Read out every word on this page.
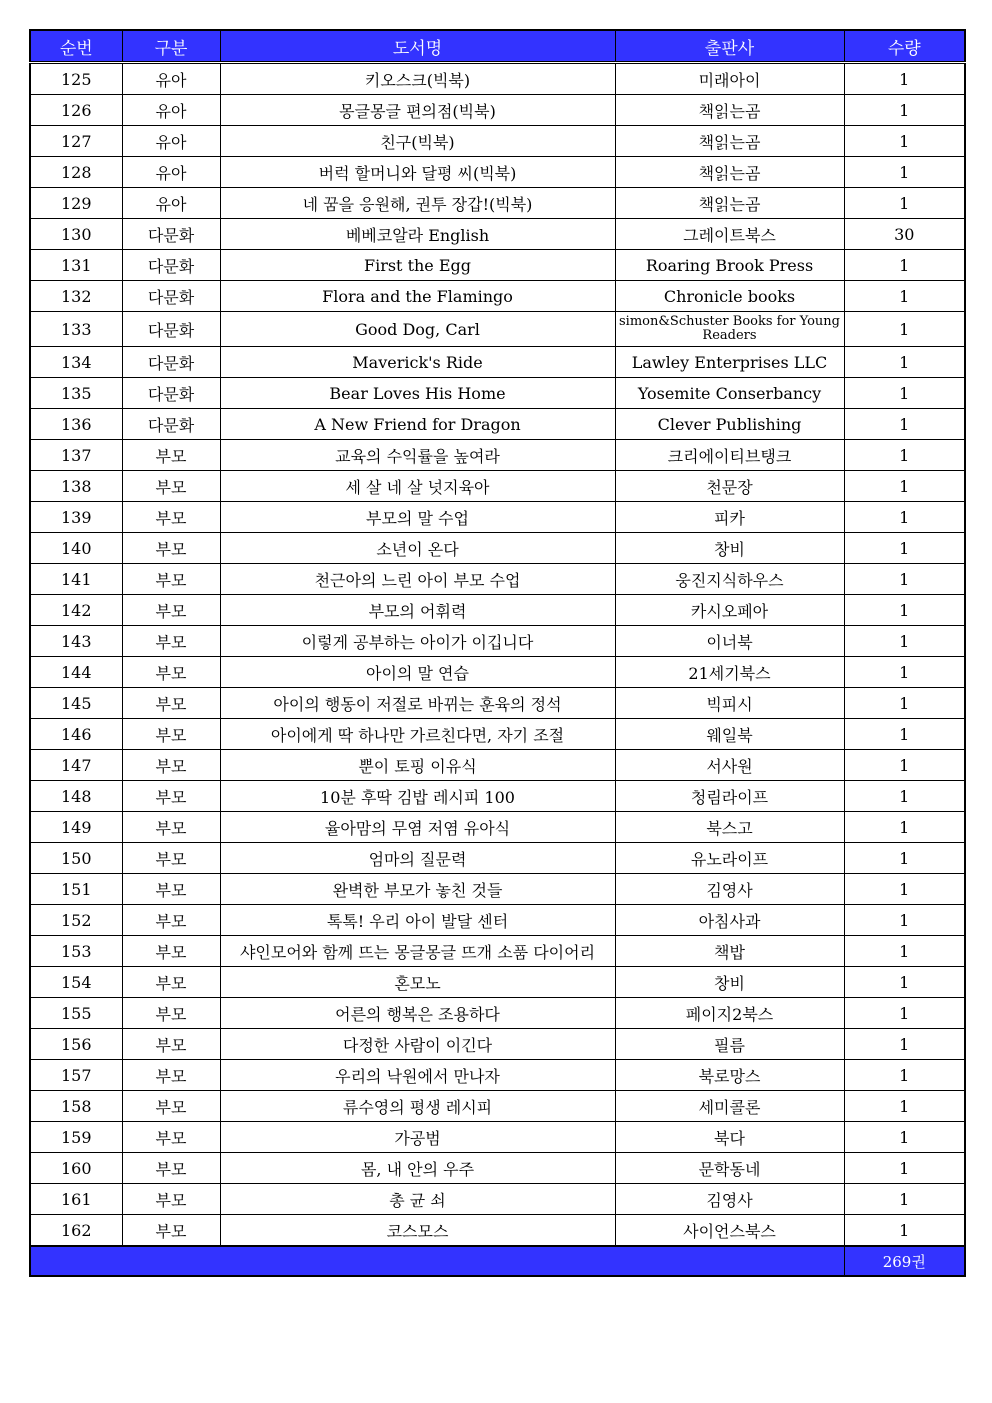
순번	구분	도서명	출판사	수량
125	유아	키오스크(빅북)	미래아이	1
126	유아	몽글몽글 편의점(빅북)	책읽는곰	1
127	유아	친구(빅북)	책읽는곰	1
128	유아	버럭 할머니와 달평 씨(빅북)	책읽는곰	1
129	유아	네 꿈을 응원해, 권투 장갑!(빅북)	책읽는곰	1
130	다문화	베베코알라 English	그레이트북스	30
131	다문화	First the Egg	Roaring Brook Press	1
132	다문화	Flora and the Flamingo	Chronicle books	1
133	다문화	Good Dog, Carl	simon&Schuster Books for Young Readers	1
134	다문화	Maverick's Ride	Lawley Enterprises LLC	1
135	다문화	Bear Loves His Home	Yosemite Conserbancy	1
136	다문화	A New Friend for Dragon	Clever Publishing	1
137	부모	교육의 수익률을 높여라	크리에이티브탱크	1
138	부모	세 살 네 살 넛지육아	천문장	1
139	부모	부모의 말 수업	피카	1
140	부모	소년이 온다	창비	1
141	부모	천근아의 느린 아이 부모 수업	웅진지식하우스	1
142	부모	부모의 어휘력	카시오페아	1
143	부모	이렇게 공부하는 아이가 이깁니다	이너북	1
144	부모	아이의 말 연습	21세기북스	1
145	부모	아이의 행동이 저절로 바뀌는 훈육의 정석	빅피시	1
146	부모	아이에게 딱 하나만 가르친다면, 자기 조절	웨일북	1
147	부모	뿐이 토핑 이유식	서사원	1
148	부모	10분 후딱 김밥 레시피 100	청림라이프	1
149	부모	율아맘의 무염 저염 유아식	북스고	1
150	부모	엄마의 질문력	유노라이프	1
151	부모	완벽한 부모가 놓친 것들	김영사	1
152	부모	톡톡! 우리 아이 발달 센터	아침사과	1
153	부모	샤인모어와 함께 뜨는 몽글몽글 뜨개 소품 다이어리	책밥	1
154	부모	혼모노	창비	1
155	부모	어른의 행복은 조용하다	페이지2북스	1
156	부모	다정한 사람이 이긴다	필름	1
157	부모	우리의 낙원에서 만나자	북로망스	1
158	부모	류수영의 평생 레시피	세미콜론	1
159	부모	가공범	북다	1
160	부모	몸, 내 안의 우주	문학동네	1
161	부모	총 균 쇠	김영사	1
162	부모	코스모스	사이언스북스	1
				269권
